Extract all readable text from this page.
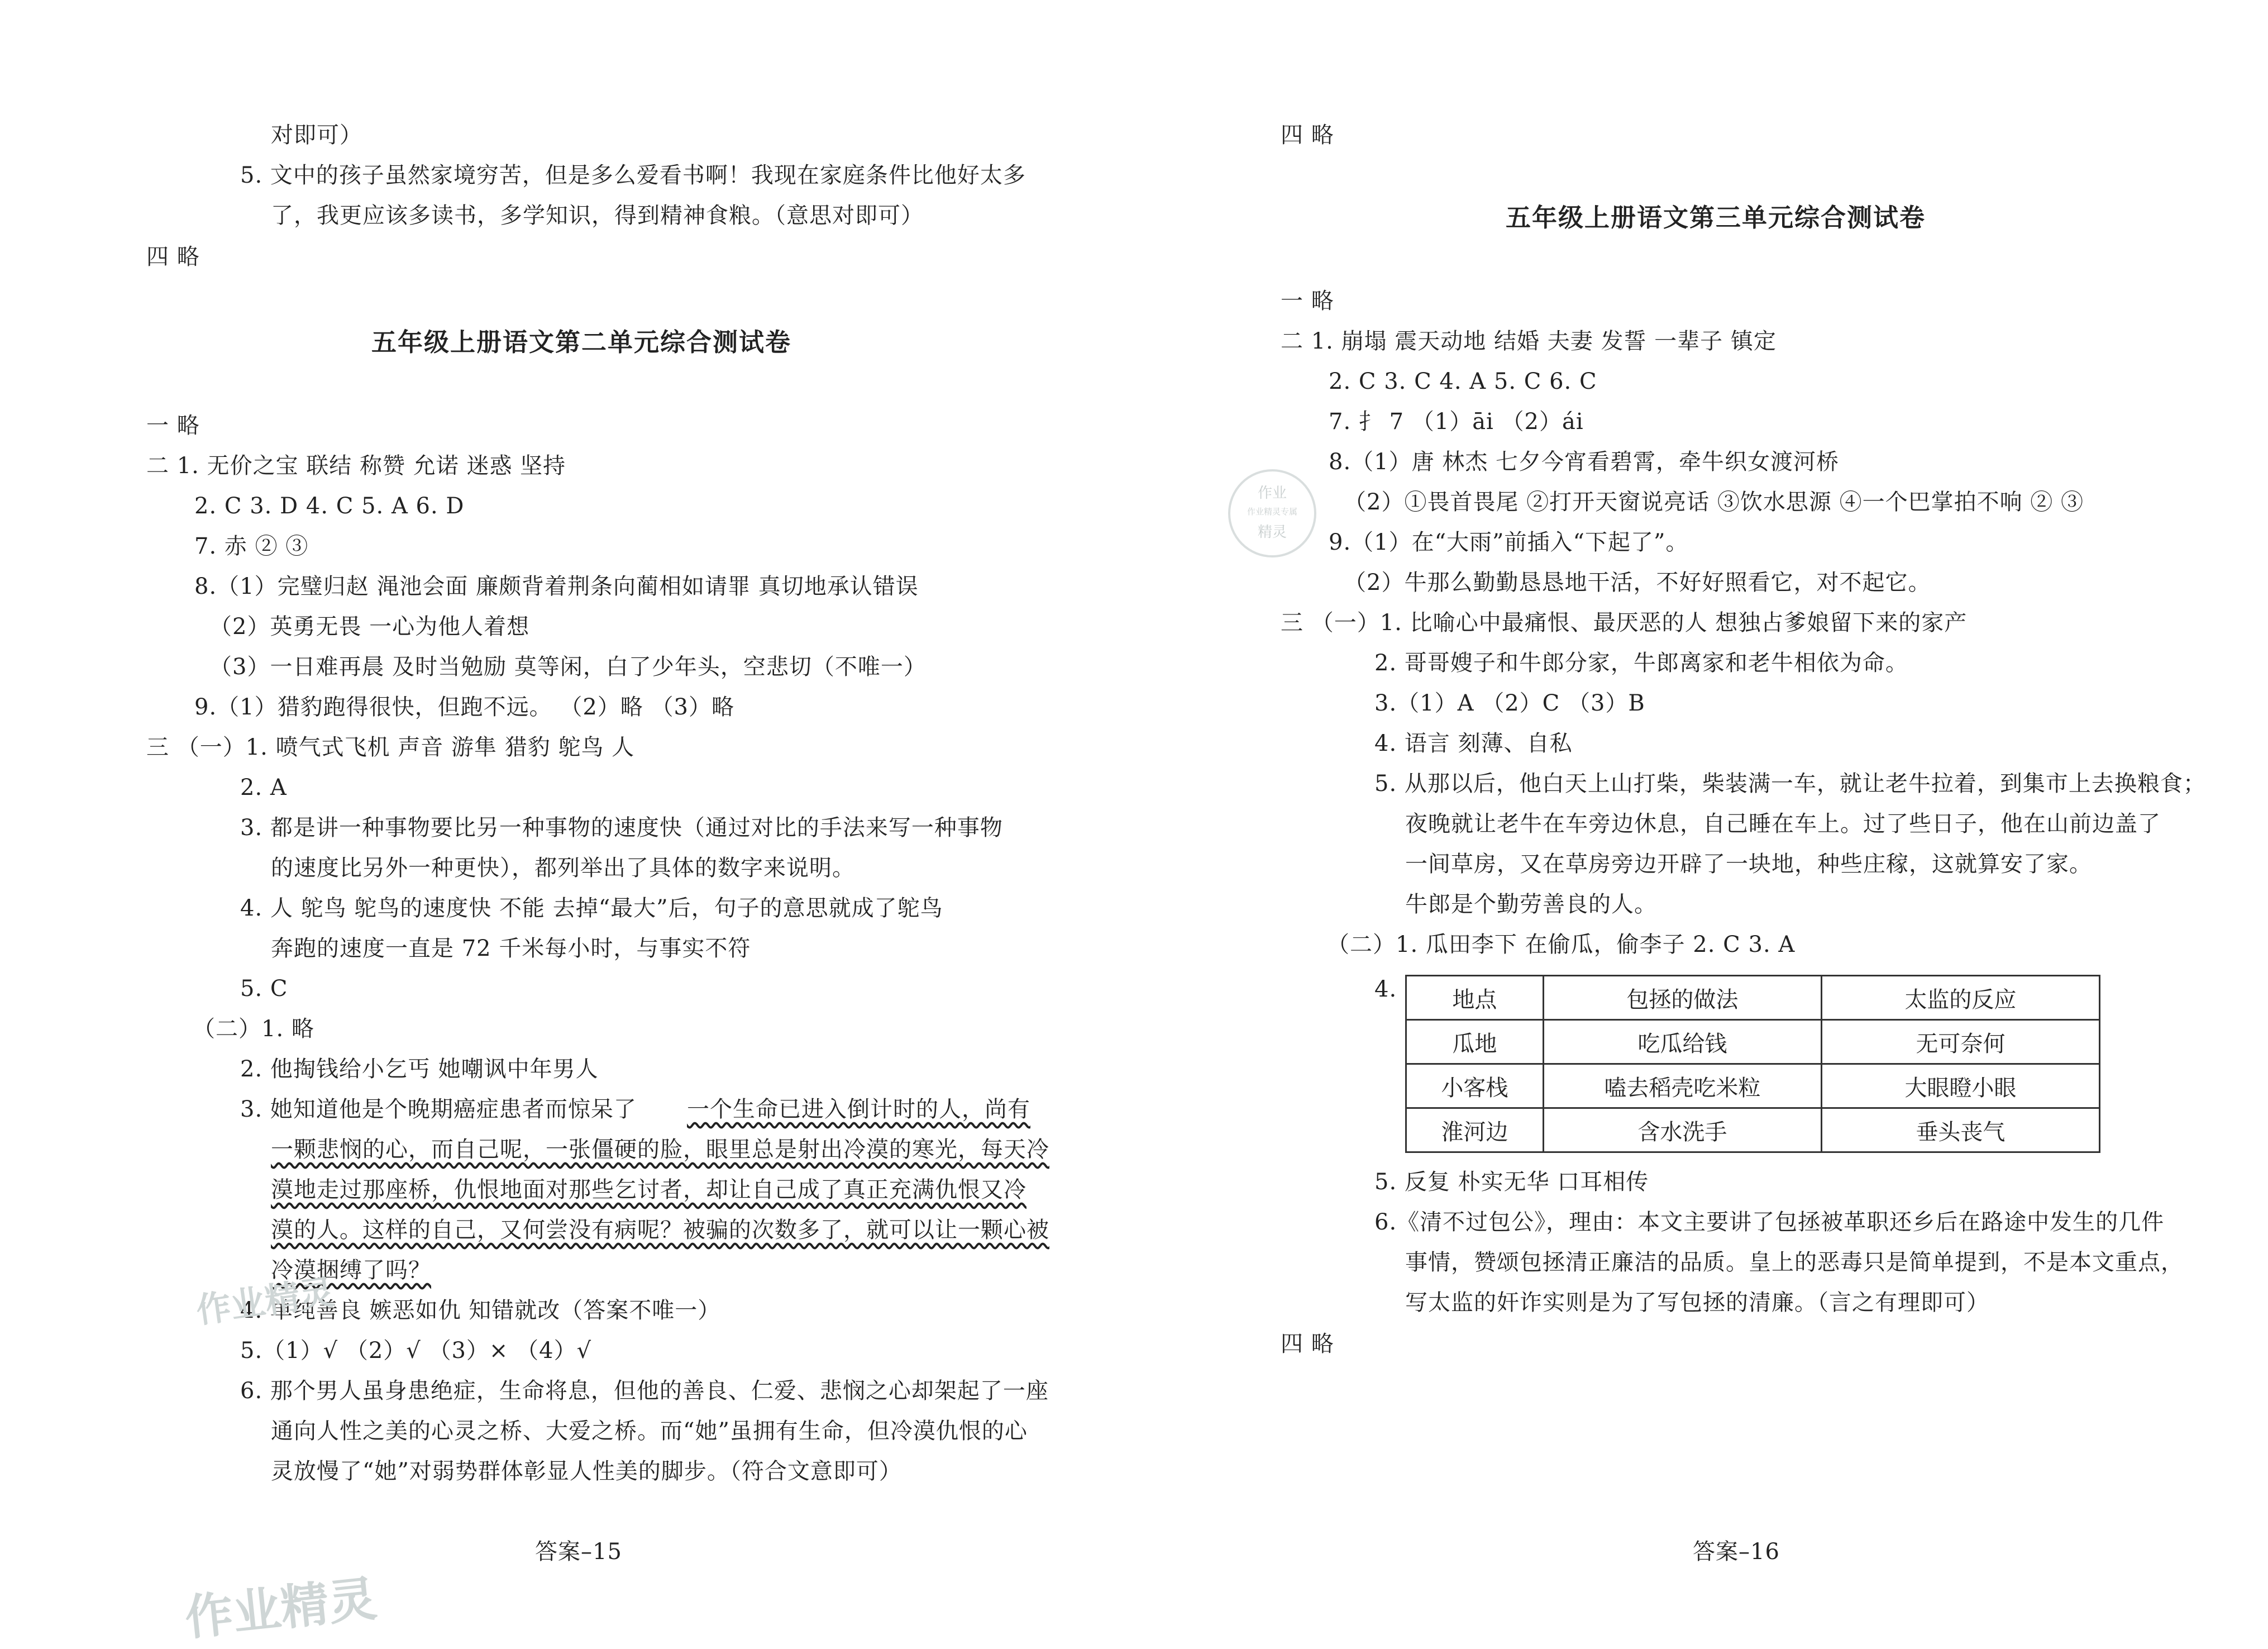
对即可）
5. 文中的孩子虽然家境穷苦，但是多么爱看书啊！我现在家庭条件比他好太多
了，我更应该多读书，多学知识，得到精神食粮。（意思对即可）
四 略
五年级上册语文第二单元综合测试卷
一 略
二 1. 无价之宝 联结 称赞 允诺 迷惑 坚持
2. C 3. D 4. C 5. A 6. D
7. 赤 ② ③
8.（1）完璧归赵 渑池会面 廉颇背着荆条向蔺相如请罪 真切地承认错误
（2）英勇无畏 一心为他人着想
（3）一日难再晨 及时当勉励 莫等闲，白了少年头，空悲切（不唯一）
9.（1）猎豹跑得很快，但跑不远。 （2）略 （3）略
三 （一）1. 喷气式飞机 声音 游隼 猎豹 鸵鸟 人
2. A
3. 都是讲一种事物要比另一种事物的速度快（通过对比的手法来写一种事物
的速度比另外一种更快），都列举出了具体的数字来说明。
4. 人 鸵鸟 鸵鸟的速度快 不能 去掉“最大”后，句子的意思就成了鸵鸟
奔跑的速度一直是 72 千米每小时，与事实不符
5. C
（二）1. 略
2. 他掏钱给小乞丐 她嘲讽中年男人
3. 她知道他是个晚期癌症患者而惊呆了 一个生命已进入倒计时的人，尚有
一颗悲悯的心，而自己呢，一张僵硬的脸，眼里总是射出冷漠的寒光，每天冷
漠地走过那座桥，仇恨地面对那些乞讨者，却让自己成了真正充满仇恨又冷
漠的人。这样的自己，又何尝没有病呢？被骗的次数多了，就可以让一颗心被
冷漠捆缚了吗？
4. 单纯善良 嫉恶如仇 知错就改（答案不唯一）
5.（1）√ （2）√ （3）× （4）√
6. 那个男人虽身患绝症，生命将息，但他的善良、仁爱、悲悯之心却架起了一座
通向人性之美的心灵之桥、大爱之桥。而“她”虽拥有生命，但冷漠仇恨的心
灵放慢了“她”对弱势群体彰显人性美的脚步。（符合文意即可）
答案–15
作业精灵
作业精灵
四 略
五年级上册语文第三单元综合测试卷
一 略
二 1. 崩塌 震天动地 结婚 夫妻 发誓 一辈子 镇定
2. C 3. C 4. A 5. C 6. C
7. 扌 7 （1）āi （2）ái
8.（1）唐 林杰 七夕今宵看碧霄，牵牛织女渡河桥
（2）①畏首畏尾 ②打开天窗说亮话 ③饮水思源 ④一个巴掌拍不响 ② ③
9.（1）在“大雨”前插入“下起了”。
（2）牛那么勤勤恳恳地干活，不好好照看它，对不起它。
三 （一）1. 比喻心中最痛恨、最厌恶的人 想独占爹娘留下来的家产
2. 哥哥嫂子和牛郎分家，牛郎离家和老牛相依为命。
3.（1）A （2）C （3）B
4. 语言 刻薄、自私
5. 从那以后，他白天上山打柴，柴装满一车，就让老牛拉着，到集市上去换粮食；
夜晚就让老牛在车旁边休息，自己睡在车上。过了些日子，他在山前边盖了
一间草房，又在草房旁边开辟了一块地，种些庄稼，这就算安了家。
牛郎是个勤劳善良的人。
（二）1. 瓜田李下 在偷瓜，偷李子 2. C 3. A
4. 地点	包拯的做法	太监的反应
瓜地	吃瓜给钱	无可奈何
小客栈	嗑去稻壳吃米粒	大眼瞪小眼
淮河边	含水洗手	垂头丧气
5. 反复 朴实无华 口耳相传
6.《清不过包公》，理由：本文主要讲了包拯被革职还乡后在路途中发生的几件
事情，赞颂包拯清正廉洁的品质。皇上的恶毒只是简单提到，不是本文重点，
写太监的奸诈实则是为了写包拯的清廉。（言之有理即可）
四 略
答案–16
作业
作业精灵专属
精灵
